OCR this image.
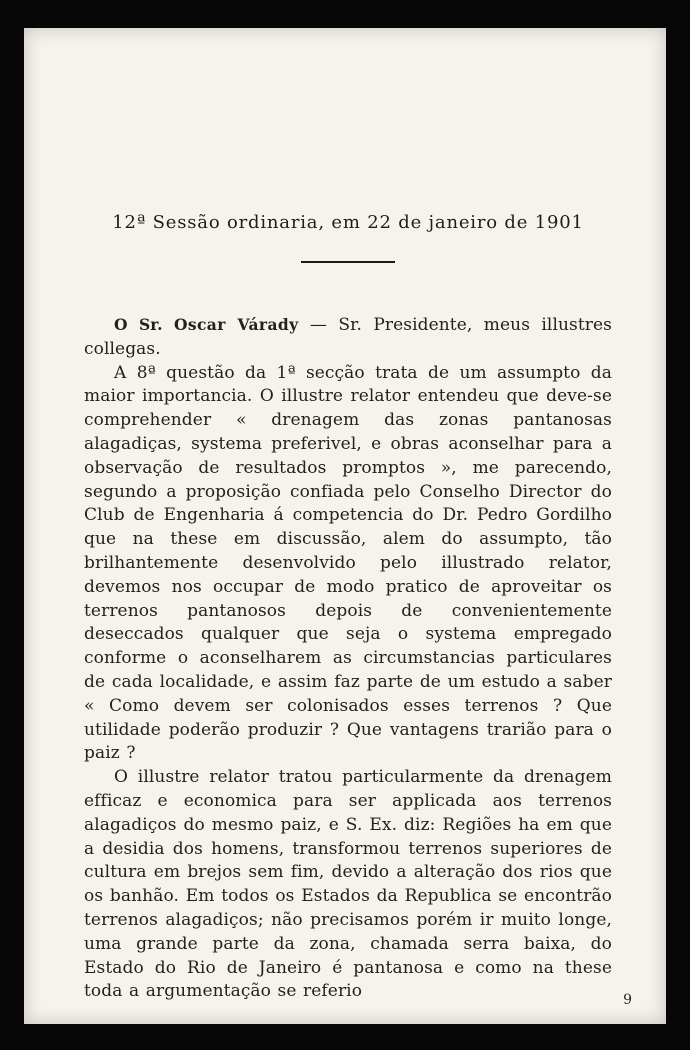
12ª Sessão ordinaria, em 22 de janeiro de 1901

O Sr. Oscar Várady — Sr. Presidente, meus illustres collegas.

A 8ª questão da 1ª secção trata de um assumpto da maior importancia. O illustre relator entendeu que deve-se comprehender « drenagem das zonas pantanosas alagadiças, systema preferivel, e obras aconselhar para a observação de resultados promptos », me parecendo, segundo a proposição confiada pelo Conselho Director do Club de Engenharia á competencia do Dr. Pedro Gordilho que na these em discussão, alem do assumpto, tão brilhantemente desenvolvido pelo illustrado relator, devemos nos occupar de modo pratico de aproveitar os terrenos pantanosos depois de convenientemente deseccados qualquer que seja o systema empregado conforme o aconselharem as circumstancias particulares de cada localidade, e assim faz parte de um estudo a saber « Como devem ser colonisados esses terrenos ? Que utilidade poderão produzir ? Que vantagens trarião para o paiz ?

O illustre relator tratou particularmente da drenagem efficaz e economica para ser applicada aos terrenos alagadiços do mesmo paiz, e S. Ex. diz: Regiões ha em que a desidia dos homens, transformou terrenos superiores de cultura em brejos sem fim, devido a alteração dos rios que os banhão. Em todos os Estados da Republica se encontrão terrenos alagadiços; não precisamos porém ir muito longe, uma grande parte da zona, chamada serra baixa, do Estado do Rio de Janeiro é pantanosa e como na these toda a argumentação se referio	9
